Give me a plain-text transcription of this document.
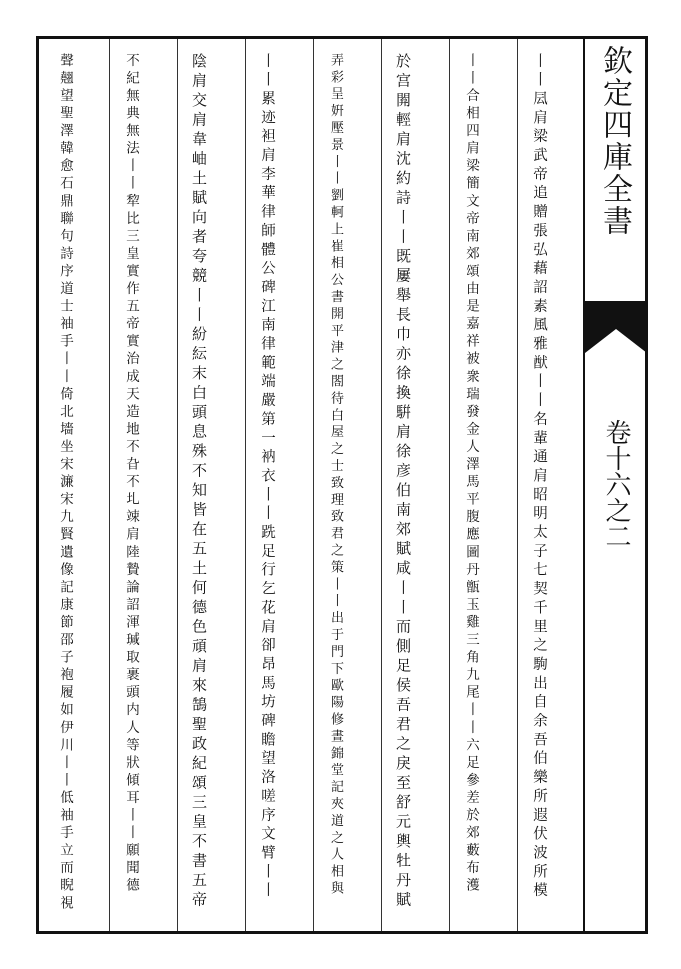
欽定四庫全書
卷十六之二
丨丨凨肩梁武帝追贈張弘藉詔素風雅猷丨丨名輩通肩昭明太子七契千里之駒出自余吾伯樂所遐伏波所模
丨丨合相四肩梁簡文帝南郊頌由是嘉祥被衆瑞發金人澤馬平腹應圖丹甑玉雞三角九尾丨丨六足參差於郊藪布濩
於宫閞輕肩沈約詩丨丨既屢舉長巾亦徐換騈肩徐彦伯南郊賦咸丨丨而側足侯吾君之戾至舒元輿牡丹賦
弄彩呈姸壓景丨丨劉軻上崔相公書開平津之閤待白屋之士致理致君之策丨丨出于門下歐陽修晝錦堂記夾道之人相與
丨丨累迹袒肩李華律師體公碑江南律範端嚴第一衲衣丨丨跣足行乞花肩卻昂馬坊碑瞻望洛嗟序文臂丨丨
陰肩交肩韋岫土賦向者夸競丨丨紛紜末白頭息殊不知皆在五土何德色頑肩來鵠聖政紀頌三皇不書五帝
不紀無典無法丨丨犂比三皇實作五帝實治成天造地不旮不圠竦肩陸贄論詔渾瑊取裹頭内人等狀傾耳丨丨願聞德
聲翹望聖澤韓愈石鼎聯句詩序道士袖手丨丨倚北墻坐宋濂宋九賢遺像記康節邵子袍履如伊川丨丨低袖手立而睨視
